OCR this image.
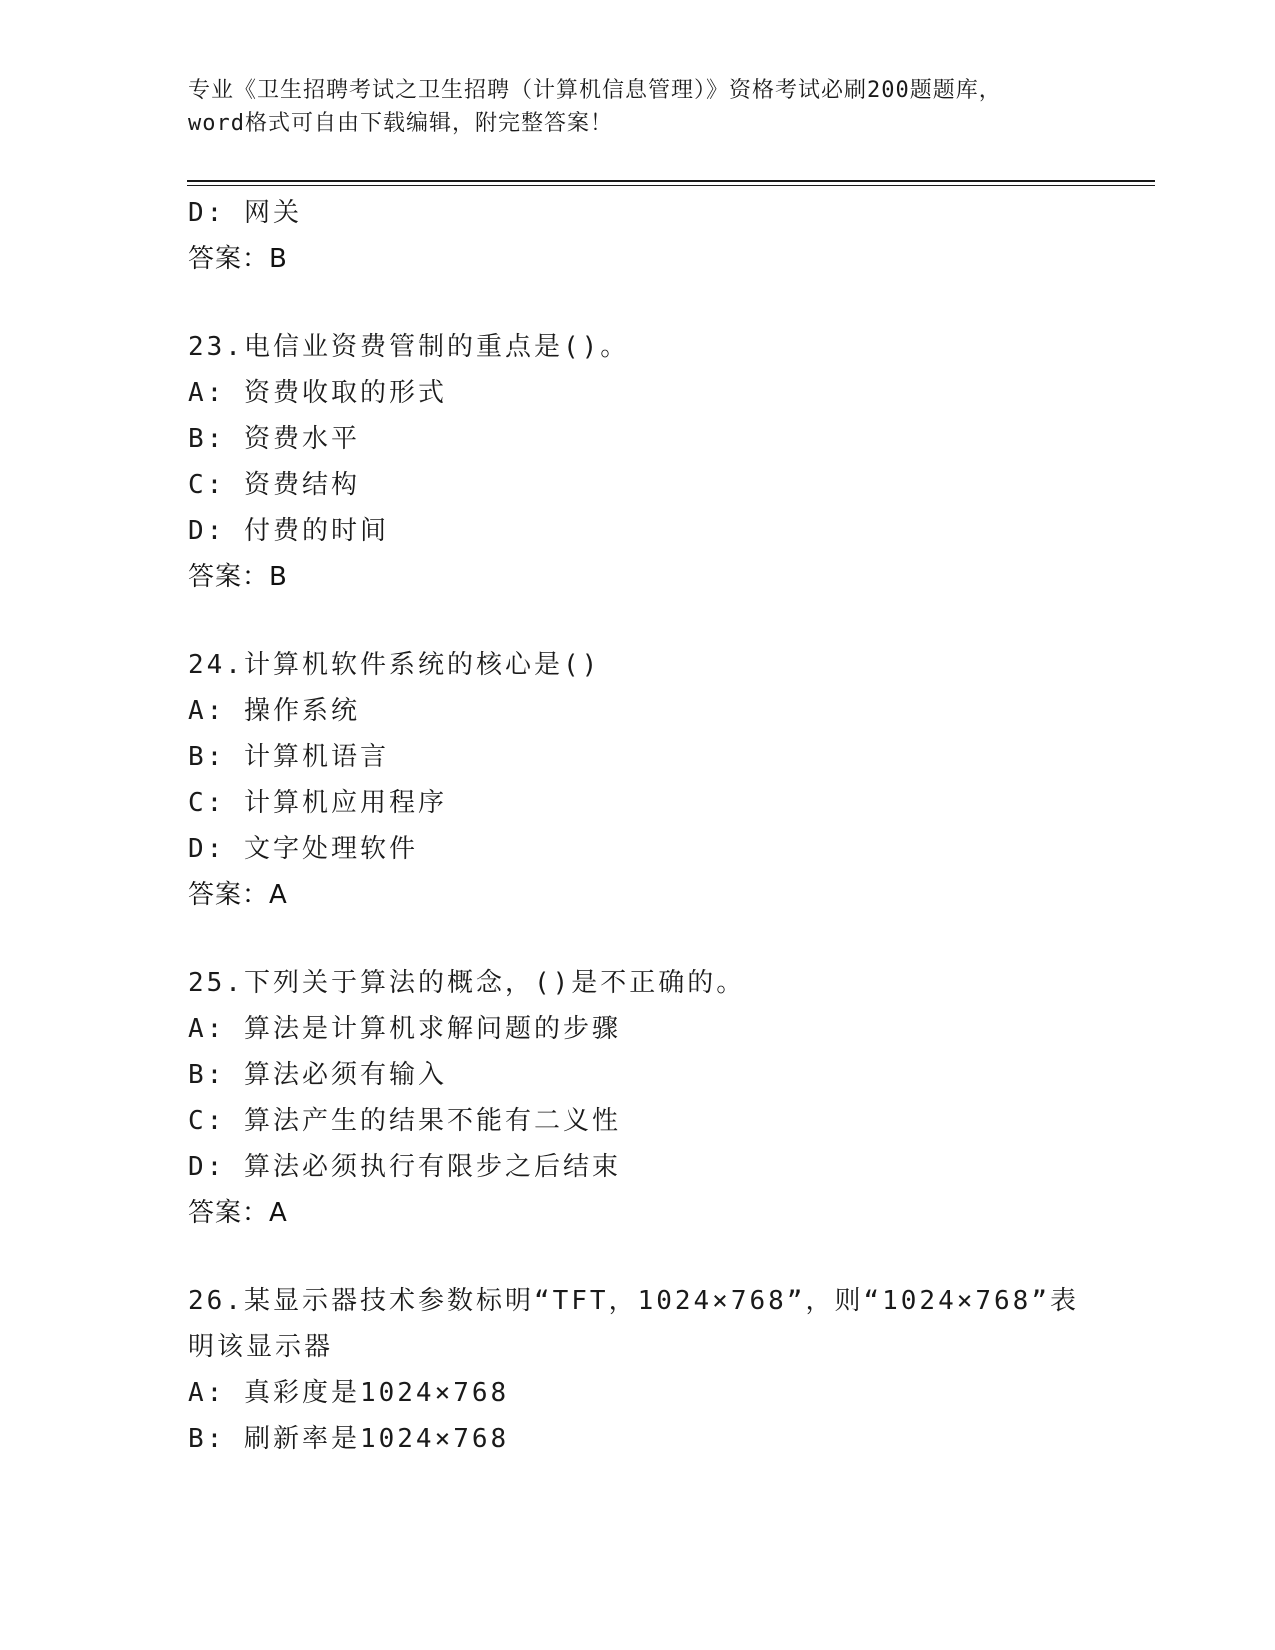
专业《卫生招聘考试之卫生招聘（计算机信息管理）》资格考试必刷200题题库，
word格式可自由下载编辑，附完整答案！
D: 网关
答案：B
23.电信业资费管制的重点是()。
A: 资费收取的形式
B: 资费水平
C: 资费结构
D: 付费的时间
答案：B
24.计算机软件系统的核心是()
A: 操作系统
B: 计算机语言
C: 计算机应用程序
D: 文字处理软件
答案：A
25.下列关于算法的概念，()是不正确的。
A: 算法是计算机求解问题的步骤
B: 算法必须有输入
C: 算法产生的结果不能有二义性
D: 算法必须执行有限步之后结束
答案：A
26.某显示器技术参数标明“TFT，1024×768”，则“1024×768”表
明该显示器
A: 真彩度是1024×768
B: 刷新率是1024×768
